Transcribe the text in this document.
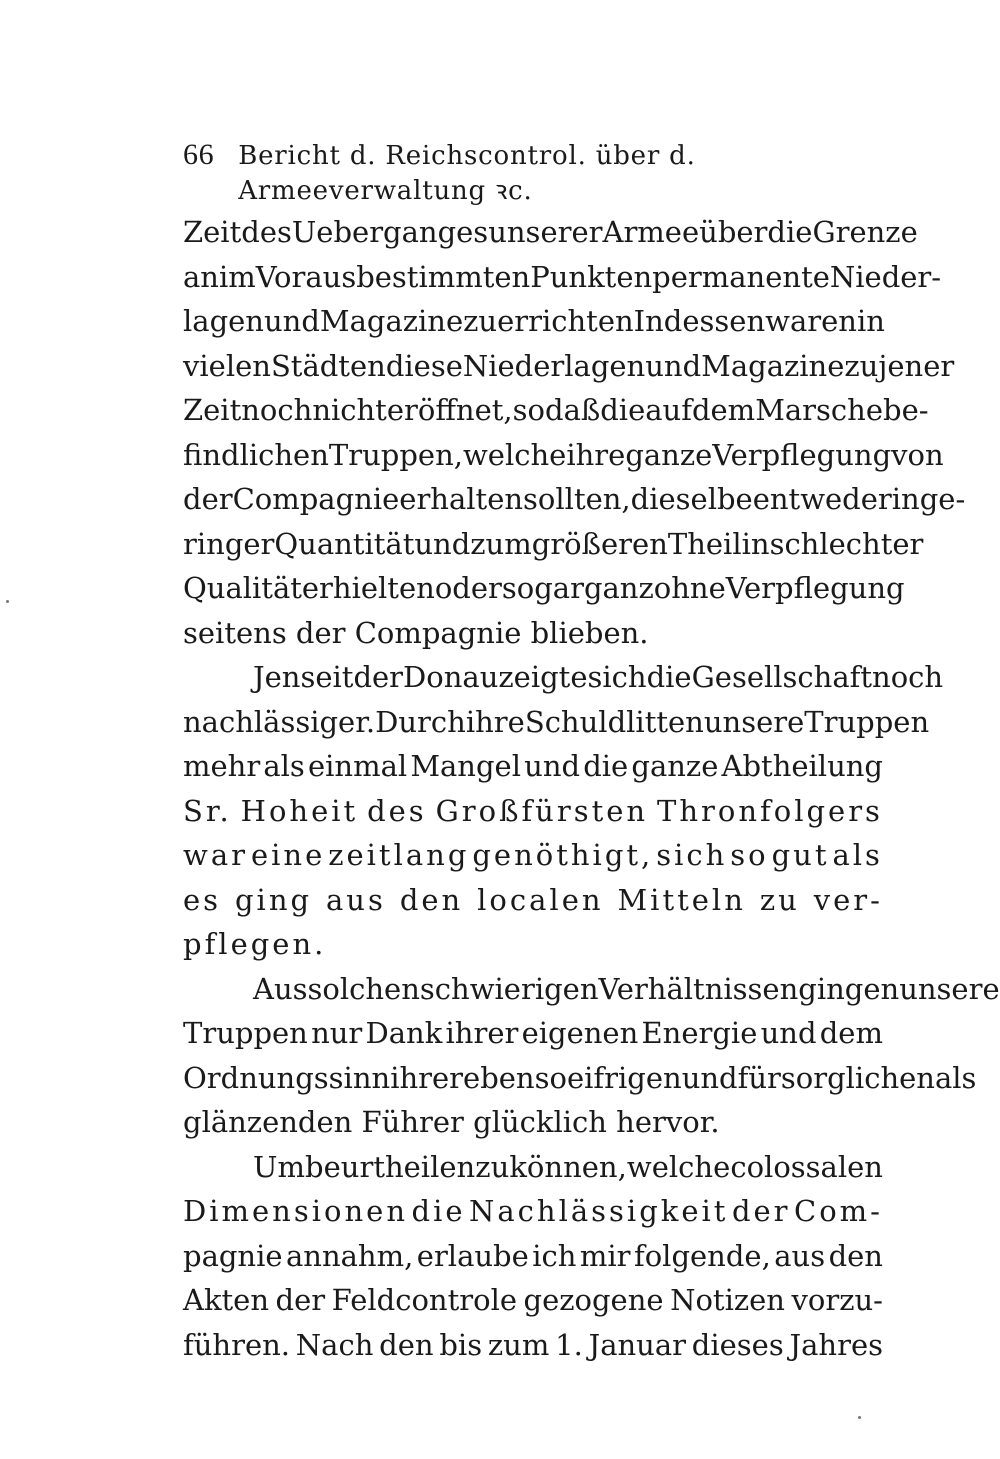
66 Bericht d. Reichscontrol. über d. Armeeverwaltung ꝛc.
Zeit des Ueberganges unserer Armee über die Grenze
an im Voraus bestimmten Punkten permanente Nieder-
lagen und Magazine zu errichten Indessen waren in
vielen Städten diese Niederlagen und Magazine zu jener
Zeit noch nicht eröffnet, so daß die auf dem Marsche be-
findlichen Truppen, welche ihre ganze Verpflegung von
der Compagnie erhalten sollten, dieselbe entweder in ge-
ringer Quantität und zum größeren Theil in schlechter
Qualität erhielten oder sogar ganz ohne Verpflegung
seitens der Compagnie blieben.
Jenseit der Donau zeigte sich die Gesellschaft noch
nachlässiger. Durch ihre Schuld litten unsere Truppen
mehr als einmal Mangel und die ganze Abtheilung
Sr. Hoheit des Großfürsten Thronfolgers
war eine zeitlang genöthigt, sich so gut als
es ging aus den localen Mitteln zu ver-
pflegen.
Aus solchen schwierigen Verhältnissen gingen unsere
Truppen nur Dank ihrer eigenen Energie und dem
Ordnungssinn ihrer ebenso eifrigen und fürsorglichen als
glänzenden Führer glücklich hervor.
Um beurtheilen zu können, welche colossalen
Dimensionen die Nachlässigkeit der Com-
pagnie annahm, erlaube ich mir folgende, aus den
Akten der Feldcontrole gezogene Notizen vorzu-
führen. Nach den bis zum 1. Januar dieses Jahres
